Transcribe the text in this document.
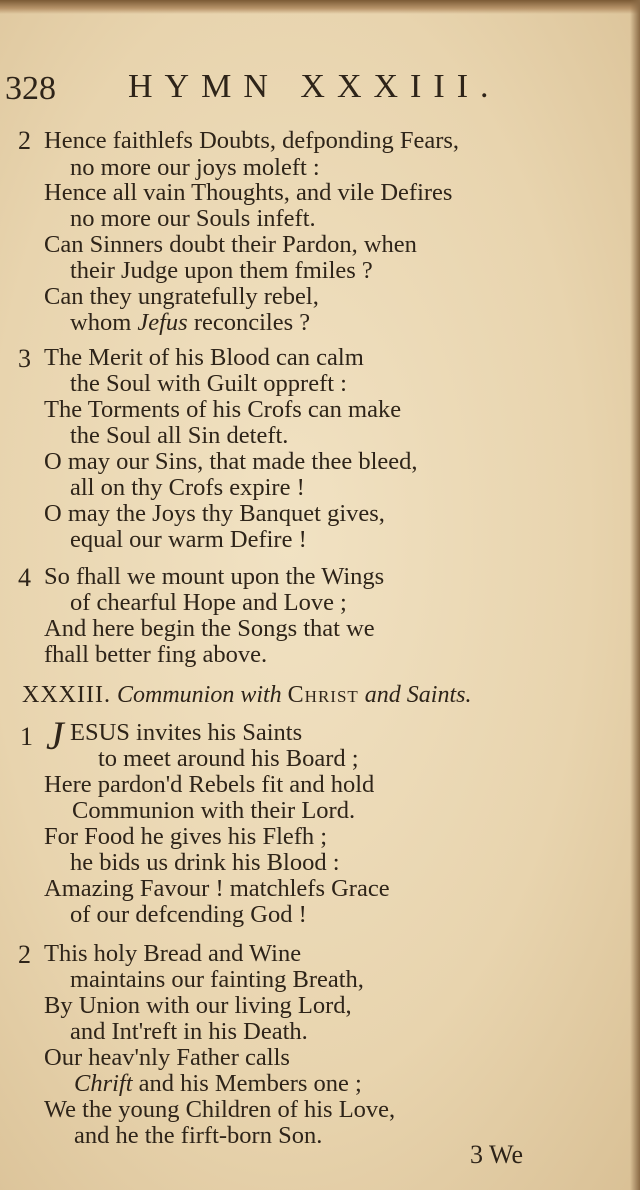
328 HYMN XXXIII.
2 Hence faithlefs Doubts, defponding Fears,
no more our joys moleft :
Hence all vain Thoughts, and vile Defires
no more our Souls infeft.
Can Sinners doubt their Pardon, when
their Judge upon them fmiles ?
Can they ungratefully rebel,
whom Jefus reconciles ?
3 The Merit of his Blood can calm
the Soul with Guilt oppreft :
The Torments of his Crofs can make
the Soul all Sin deteft.
O may our Sins, that made thee bleed,
all on thy Crofs expire !
O may the Joys thy Banquet gives,
equal our warm Defire !
4 So fhall we mount upon the Wings
of chearful Hope and Love ;
And here begin the Songs that we
fhall better fing above.
XXXIII. Communion with Christ and Saints.
1 J ESUS invites his Saints
to meet around his Board ;
Here pardon'd Rebels fit and hold
Communion with their Lord.
For Food he gives his Flefh ;
he bids us drink his Blood :
Amazing Favour ! matchlefs Grace
of our defcending God !
2 This holy Bread and Wine
maintains our fainting Breath,
By Union with our living Lord,
and Int'reft in his Death.
Our heav'nly Father calls
Chrift and his Members one ;
We the young Children of his Love,
and he the firft-born Son.
3 We
